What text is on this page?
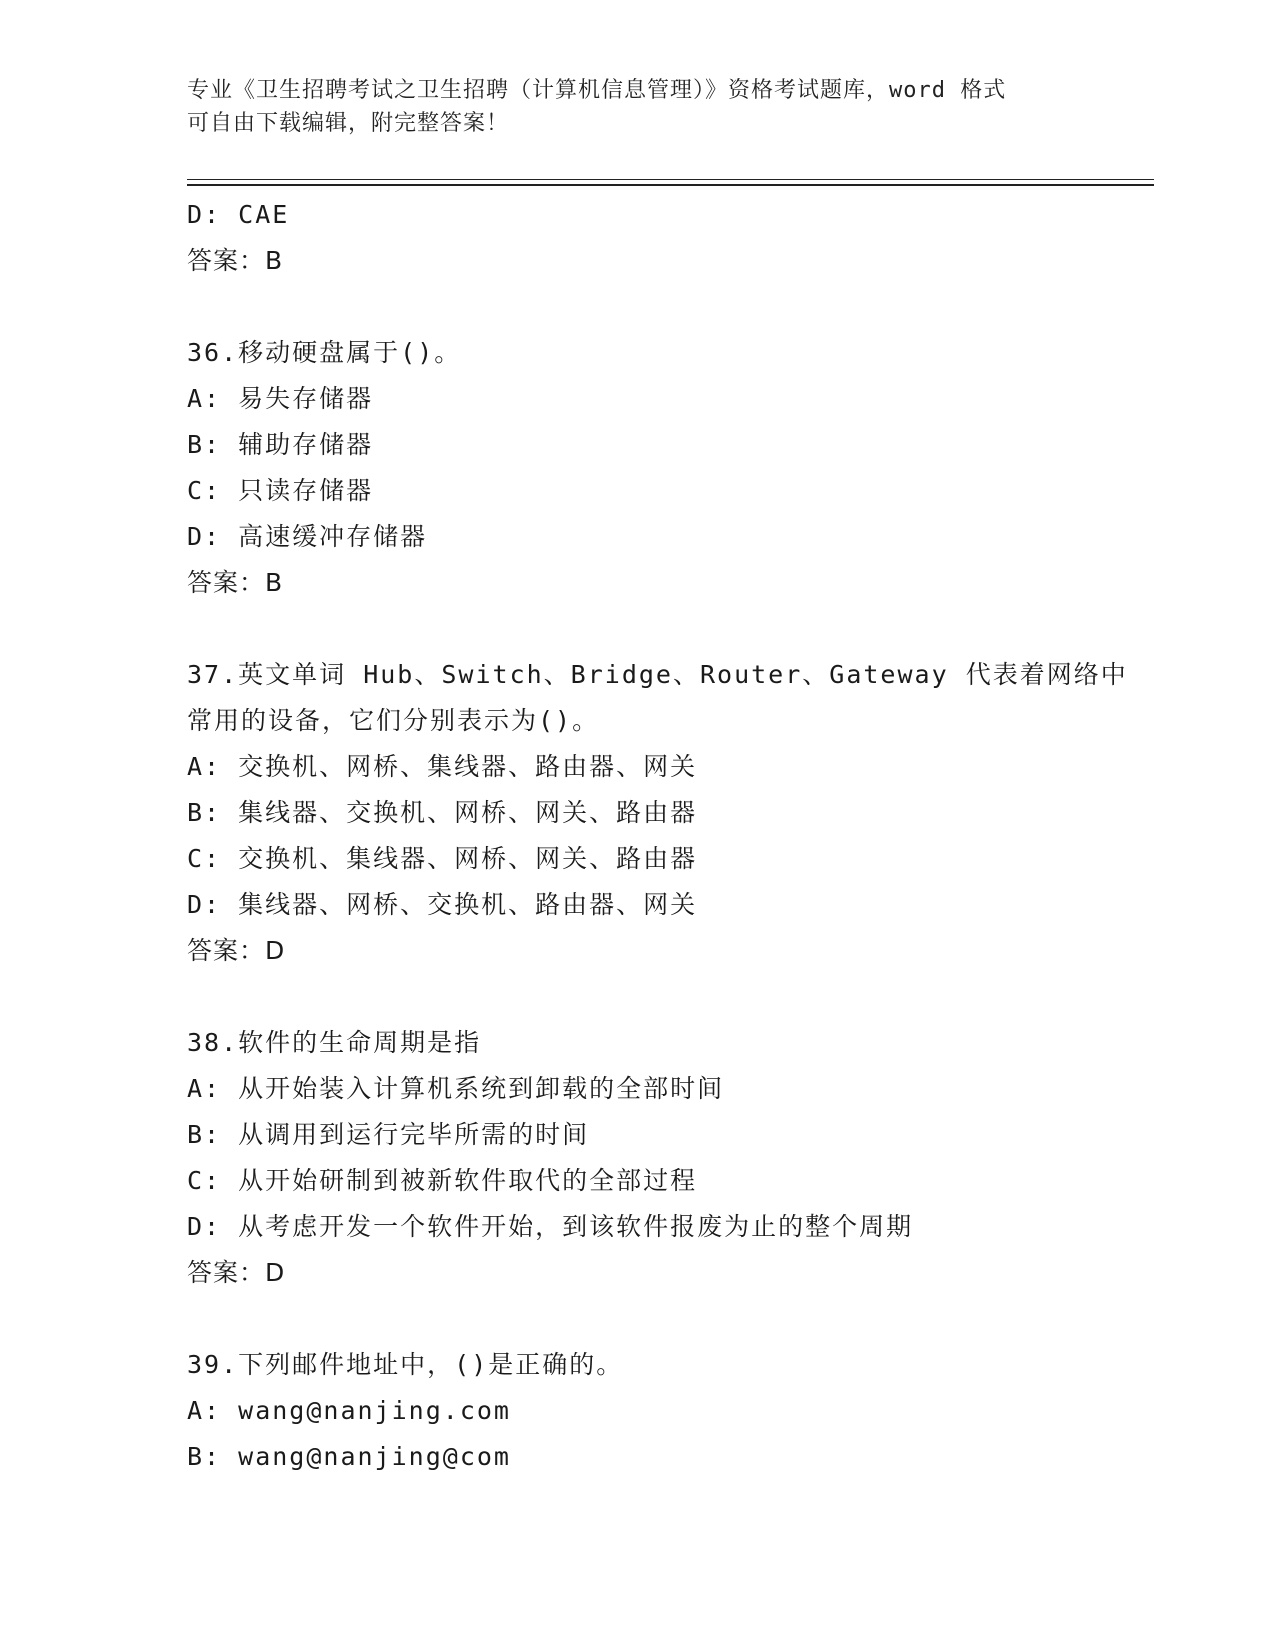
专业《卫生招聘考试之卫生招聘（计算机信息管理）》资格考试题库，word 格式
可自由下载编辑，附完整答案！
D: CAE
答案：B
36.移动硬盘属于()。
A: 易失存储器
B: 辅助存储器
C: 只读存储器
D: 高速缓冲存储器
答案：B
37.英文单词 Hub、Switch、Bridge、Router、Gateway 代表着网络中
常用的设备，它们分别表示为()。
A: 交换机、网桥、集线器、路由器、网关
B: 集线器、交换机、网桥、网关、路由器
C: 交换机、集线器、网桥、网关、路由器
D: 集线器、网桥、交换机、路由器、网关
答案：D
38.软件的生命周期是指
A: 从开始装入计算机系统到卸载的全部时间
B: 从调用到运行完毕所需的时间
C: 从开始研制到被新软件取代的全部过程
D: 从考虑开发一个软件开始，到该软件报废为止的整个周期
答案：D
39.下列邮件地址中，()是正确的。
A: wang@nanjing.com
B: wang@nanjing@com
